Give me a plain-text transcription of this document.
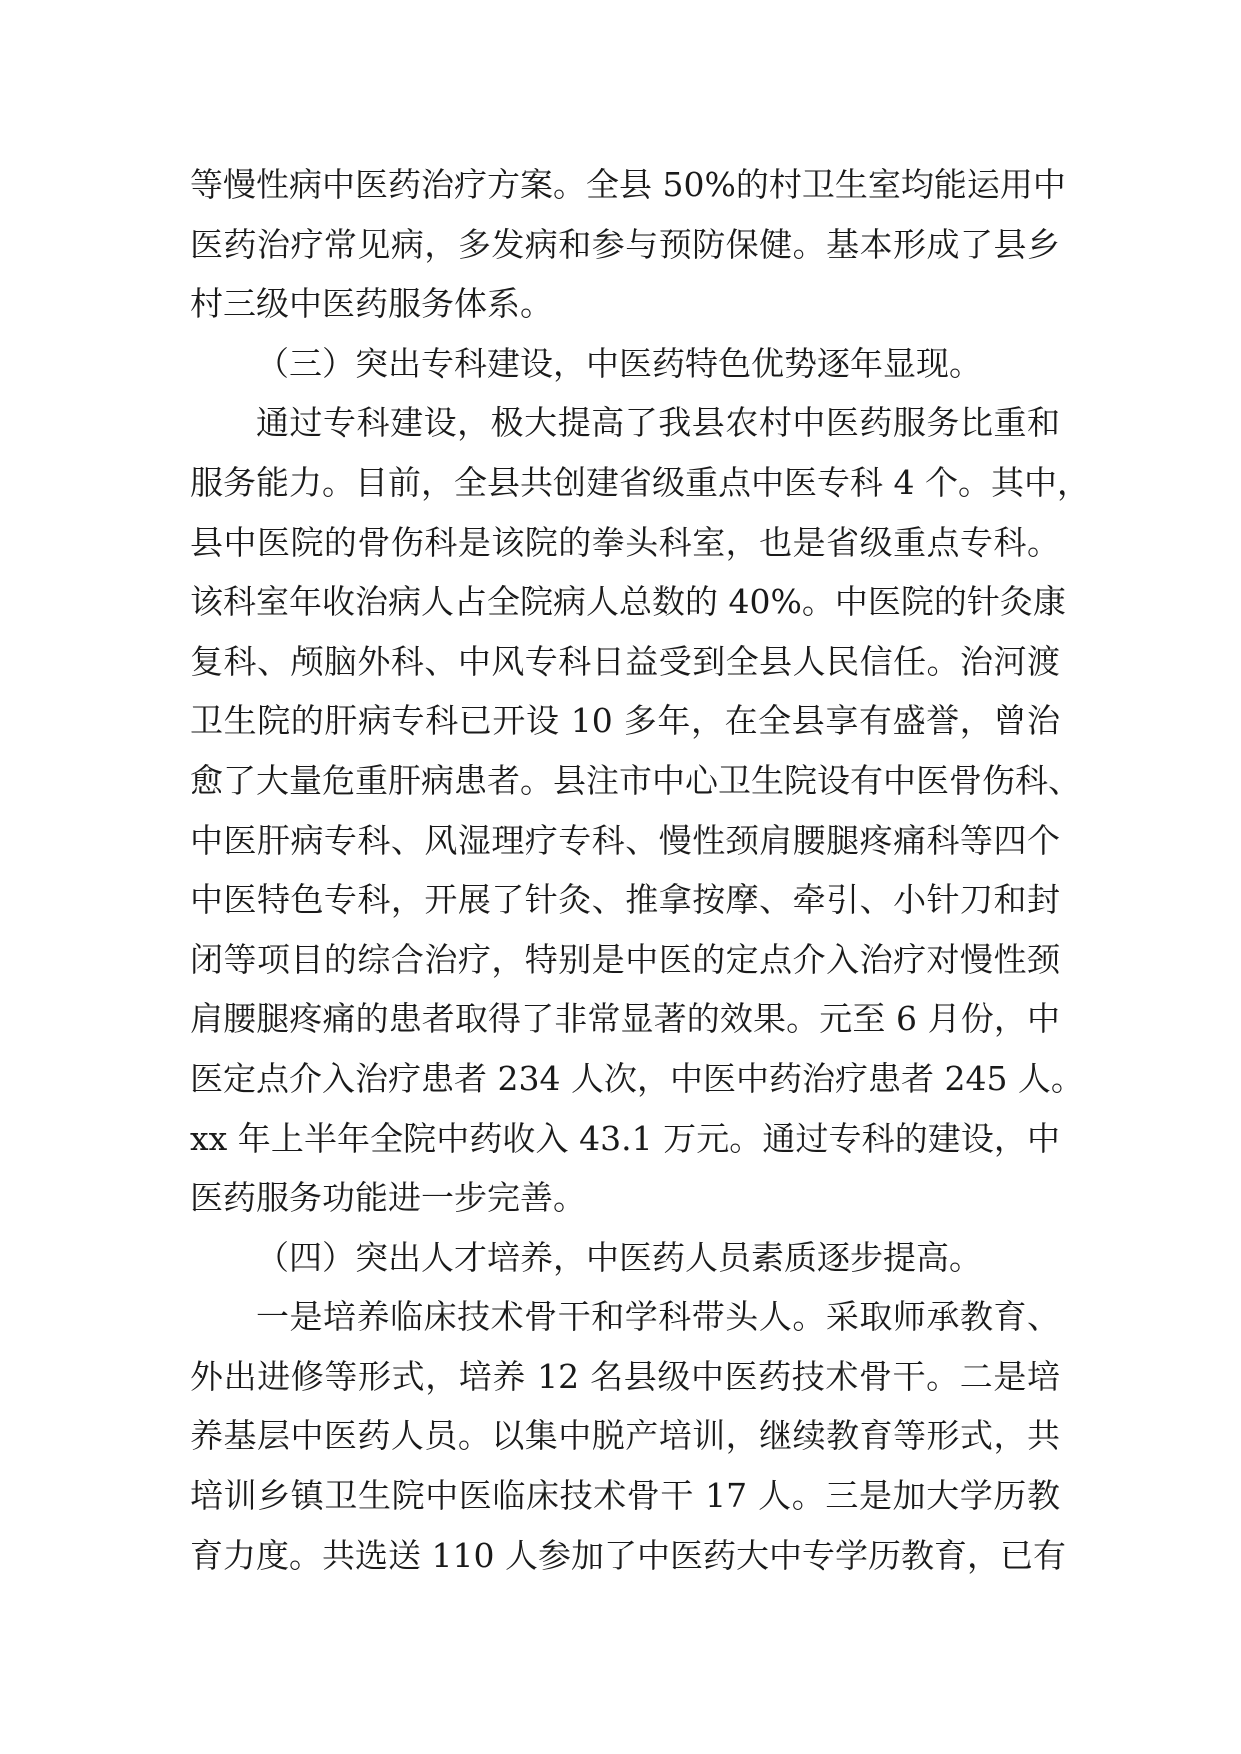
等慢性病中医药治疗方案。全县 50%的村卫生室均能运用中
医药治疗常见病，多发病和参与预防保健。基本形成了县乡
村三级中医药服务体系。
（三）突出专科建设，中医药特色优势逐年显现。
通过专科建设，极大提高了我县农村中医药服务比重和
服务能力。目前，全县共创建省级重点中医专科 4 个。其中，
县中医院的骨伤科是该院的拳头科室，也是省级重点专科。
该科室年收治病人占全院病人总数的 40%。中医院的针灸康
复科、颅脑外科、中风专科日益受到全县人民信任。治河渡
卫生院的肝病专科已开设 10 多年，在全县享有盛誉，曾治
愈了大量危重肝病患者。县注市中心卫生院设有中医骨伤科、
中医肝病专科、风湿理疗专科、慢性颈肩腰腿疼痛科等四个
中医特色专科，开展了针灸、推拿按摩、牵引、小针刀和封
闭等项目的综合治疗，特别是中医的定点介入治疗对慢性颈
肩腰腿疼痛的患者取得了非常显著的效果。元至 6 月份，中
医定点介入治疗患者 234 人次，中医中药治疗患者 245 人。
xx 年上半年全院中药收入 43.1 万元。通过专科的建设，中
医药服务功能进一步完善。
（四）突出人才培养，中医药人员素质逐步提高。
一是培养临床技术骨干和学科带头人。采取师承教育、
外出进修等形式，培养 12 名县级中医药技术骨干。二是培
养基层中医药人员。以集中脱产培训，继续教育等形式，共
培训乡镇卫生院中医临床技术骨干 17 人。三是加大学历教
育力度。共选送 110 人参加了中医药大中专学历教育，已有
